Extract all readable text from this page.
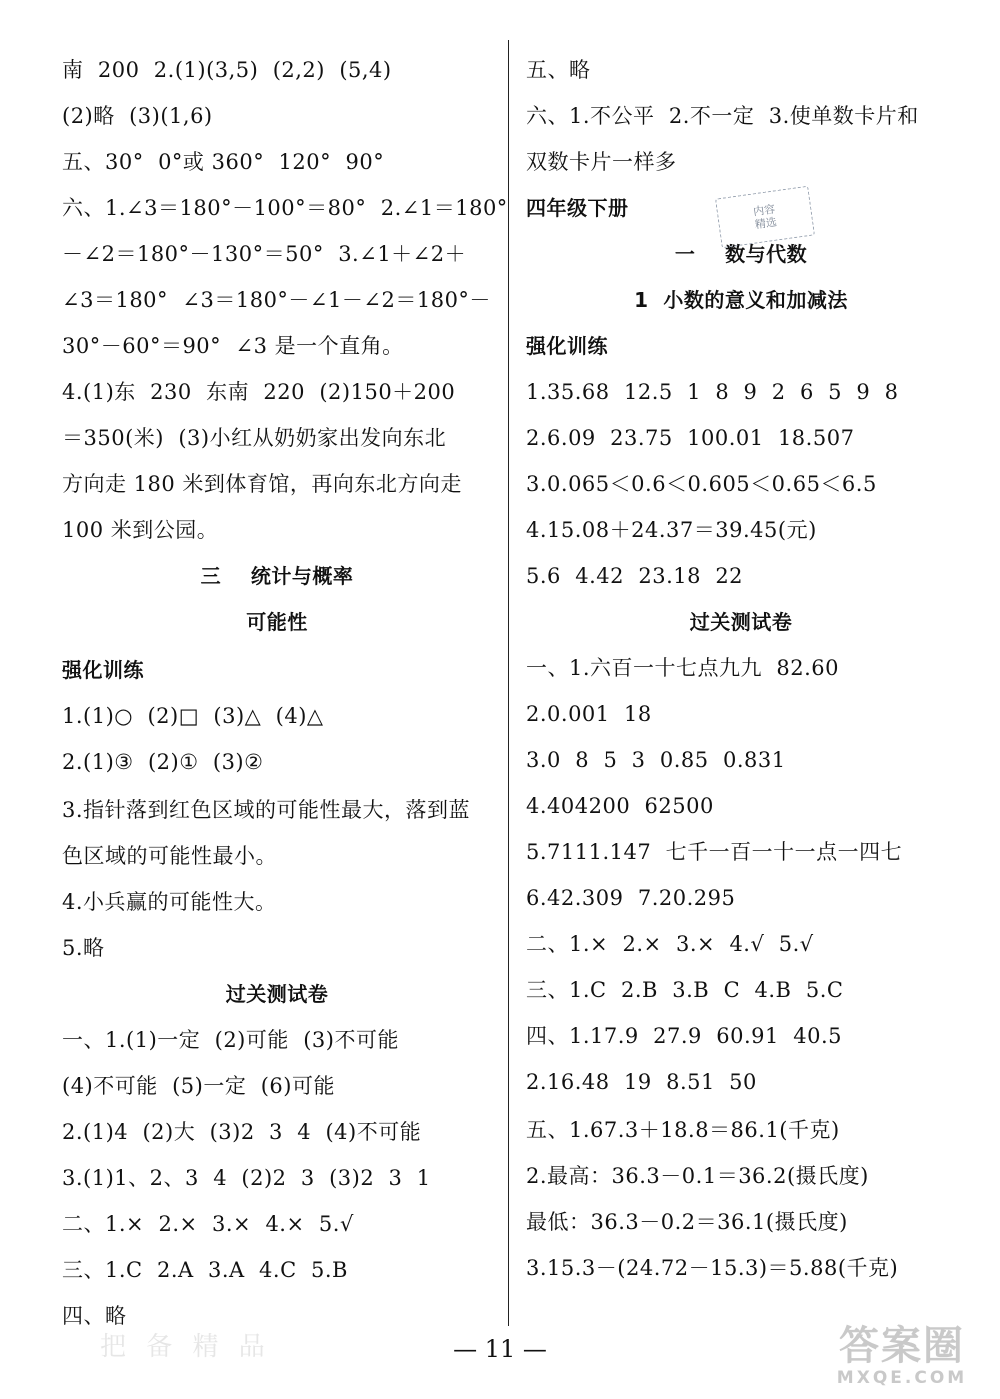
南  200  2.(1)(3,5)  (2,2)  (5,4)
(2)略  (3)(1,6)
五、30°  0°或 360°  120°  90°
六、1.∠3＝180°－100°＝80°  2.∠1＝180°
－∠2＝180°－130°＝50°  3.∠1＋∠2＋
∠3＝180°  ∠3＝180°－∠1－∠2＝180°－
30°－60°＝90°  ∠3 是一个直角。
4.(1)东  230  东南  220  (2)150＋200
＝350(米)  (3)小红从奶奶家出发向东北
方向走 180 米到体育馆，再向东北方向走
100 米到公园。
三    统计与概率
可能性
强化训练
1.(1)○  (2)□  (3)△  (4)△
2.(1)③  (2)①  (3)②
3.指针落到红色区域的可能性最大，落到蓝
色区域的可能性最小。
4.小兵赢的可能性大。
5.略
过关测试卷
一、1.(1)一定  (2)可能  (3)不可能
(4)不可能  (5)一定  (6)可能
2.(1)4  (2)大  (3)2  3  4  (4)不可能
3.(1)1、2、3  4  (2)2  3  (3)2  3  1
二、1.×  2.×  3.×  4.×  5.√
三、1.C  2.A  3.A  4.C  5.B
四、略
五、略
六、1.不公平  2.不一定  3.使单数卡片和
双数卡片一样多
四年级下册
一    数与代数
1  小数的意义和加减法
强化训练
1.35.68  12.5  1  8  9  2  6  5  9  8
2.6.09  23.75  100.01  18.507
3.0.065＜0.6＜0.605＜0.65＜6.5
4.15.08＋24.37＝39.45(元)
5.6  4.42  23.18  22
过关测试卷
一、1.六百一十七点九九  82.60
2.0.001  18
3.0  8  5  3  0.85  0.831
4.404200  62500
5.7111.147  七千一百一十一点一四七
6.42.309  7.20.295
二、1.×  2.×  3.×  4.√  5.√
三、1.C  2.B  3.B  C  4.B  5.C
四、1.17.9  27.9  60.91  40.5
2.16.48  19  8.51  50
五、1.67.3＋18.8＝86.1(千克)
2.最高：36.3－0.1＝36.2(摄氏度)
最低：36.3－0.2＝36.1(摄氏度)
3.15.3－(24.72－15.3)＝5.88(千克)
内容
精选
把 备 精 品	— 11 —	答案圈
MXQE.COM
